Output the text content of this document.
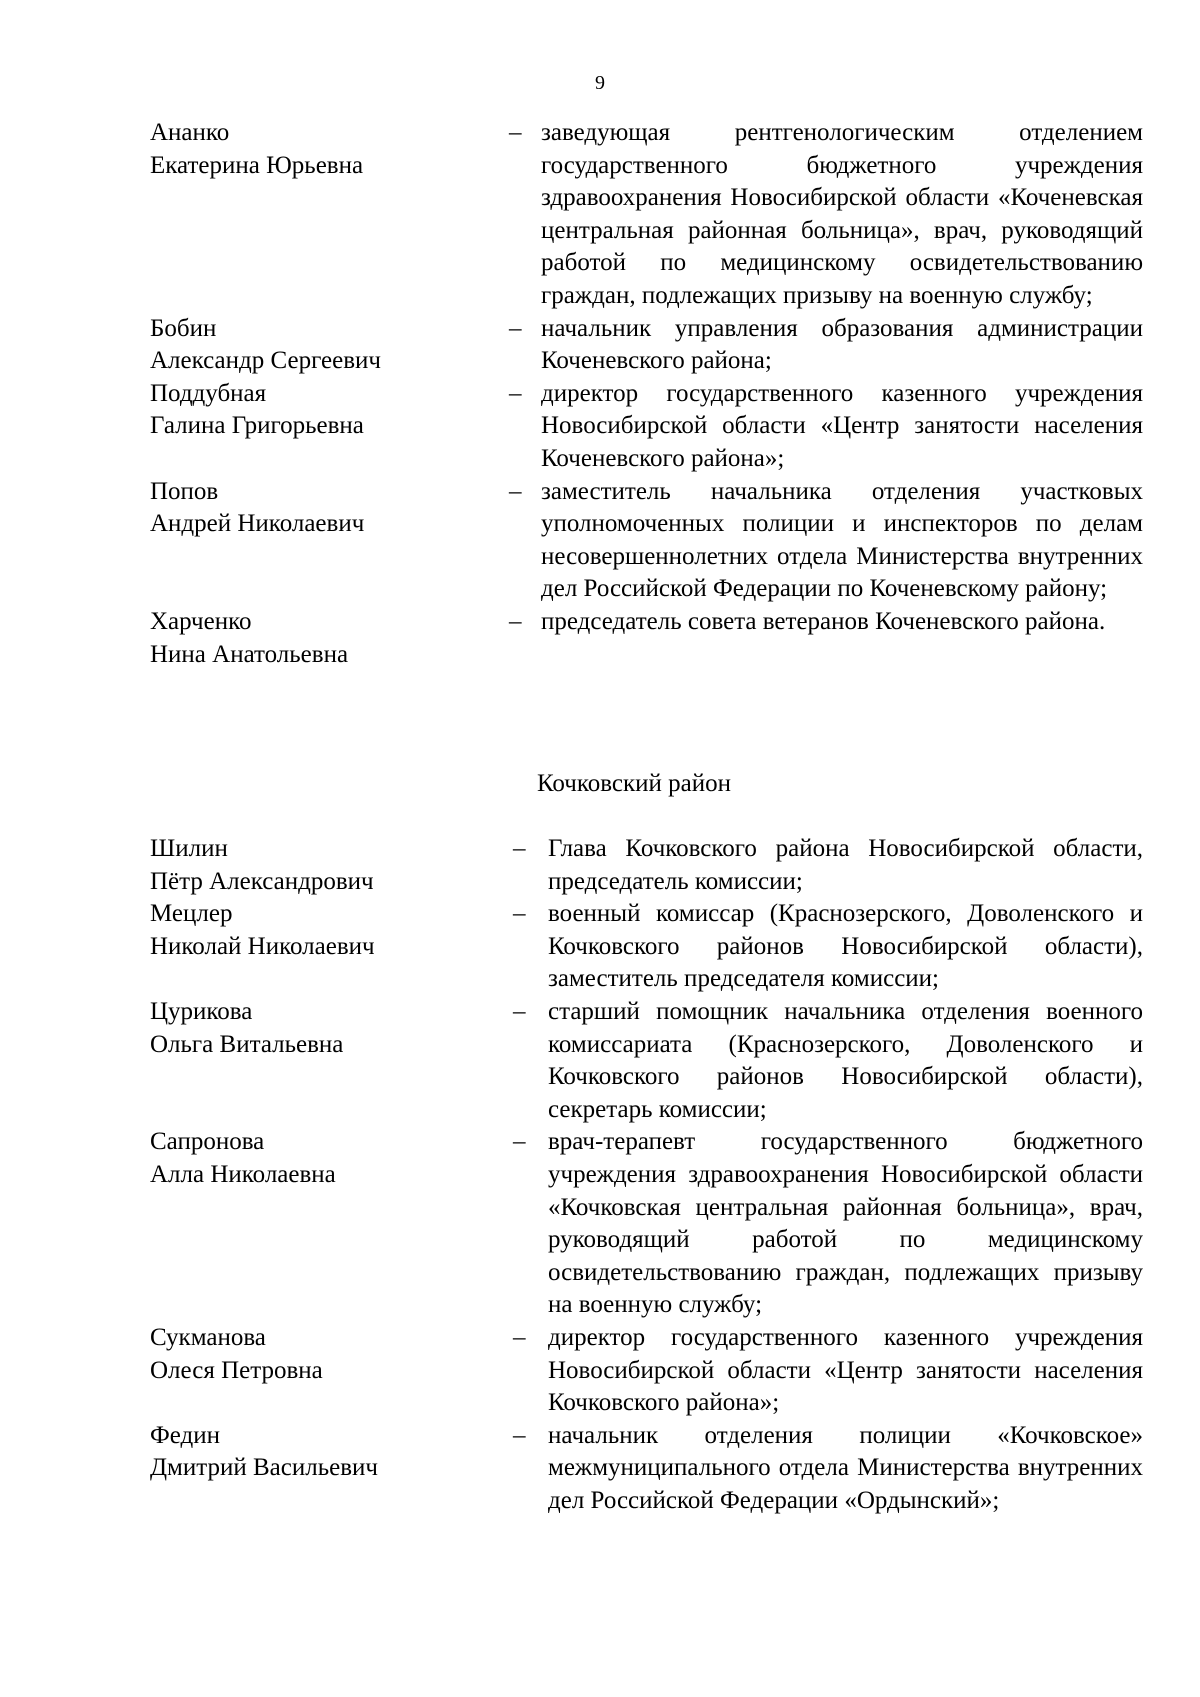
9
Ананко
Екатерина Юрьевна
– заведующая рентгенологическим отделением государственного бюджетного учреждения здравоохранения Новосибирской области «Коченевская центральная районная больница», врач, руководящий работой по медицинскому освидетельствованию граждан, подлежащих призыву на военную службу;
Бобин
Александр Сергеевич
– начальник управления образования администрации Коченевского района;
Поддубная
Галина Григорьевна
– директор государственного казенного учреждения Новосибирской области «Центр занятости населения Коченевского района»;
Попов
Андрей Николаевич
– заместитель начальника отделения участковых уполномоченных полиции и инспекторов по делам несовершеннолетних отдела Министерства внутренних дел Российской Федерации по Коченевскому району;
Харченко
Нина Анатольевна
– председатель совета ветеранов Коченевского района.
Кочковский район
Шилин
Пётр Александрович
– Глава Кочковского района Новосибирской области, председатель комиссии;
Мецлер
Николай Николаевич
– военный комиссар (Краснозерского, Доволенского и Кочковского районов Новосибирской области), заместитель председателя комиссии;
Цурикова
Ольга Витальевна
– старший помощник начальника отделения военного комиссариата (Краснозерского, Доволенского и Кочковского районов Новосибирской области), секретарь комиссии;
Сапронова
Алла Николаевна
– врач-терапевт государственного бюджетного учреждения здравоохранения Новосибирской области «Кочковская центральная районная больница», врач, руководящий работой по медицинскому освидетельствованию граждан, подлежащих призыву на военную службу;
Сукманова
Олеся Петровна
– директор государственного казенного учреждения Новосибирской области «Центр занятости населения Кочковского района»;
Федин
Дмитрий Васильевич
– начальник отделения полиции «Кочковское» межмуниципального отдела Министерства внутренних дел Российской Федерации «Ордынский»;
